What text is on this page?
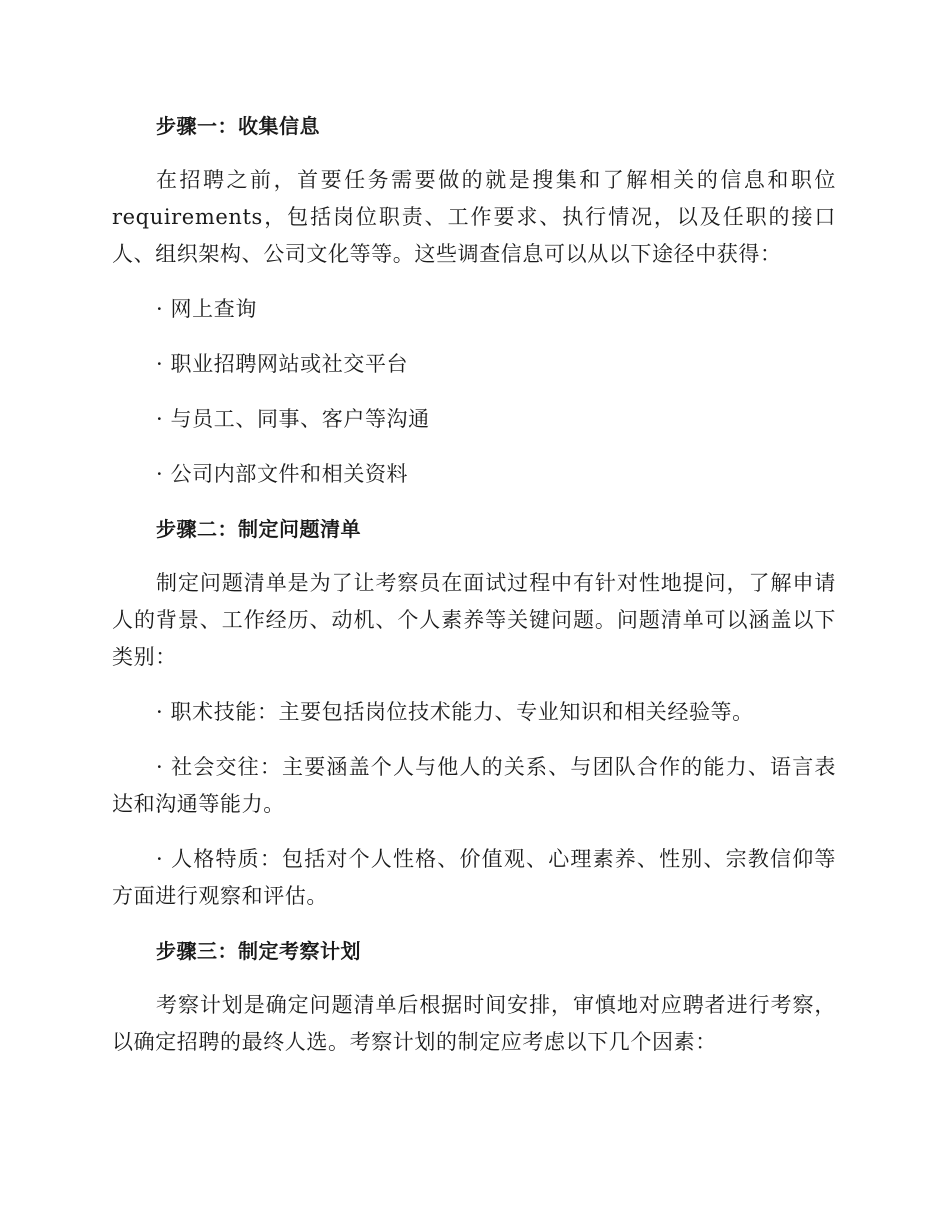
步骤一：收集信息

在招聘之前，首要任务需要做的就是搜集和了解相关的信息和职位requirements，包括岗位职责、工作要求、执行情况，以及任职的接口人、组织架构、公司文化等等。这些调查信息可以从以下途径中获得：

· 网上查询

· 职业招聘网站或社交平台

· 与员工、同事、客户等沟通

· 公司内部文件和相关资料

步骤二：制定问题清单

制定问题清单是为了让考察员在面试过程中有针对性地提问，了解申请人的背景、工作经历、动机、个人素养等关键问题。问题清单可以涵盖以下类别：

· 职术技能：主要包括岗位技术能力、专业知识和相关经验等。

· 社会交往：主要涵盖个人与他人的关系、与团队合作的能力、语言表达和沟通等能力。

· 人格特质：包括对个人性格、价值观、心理素养、性别、宗教信仰等方面进行观察和评估。

步骤三：制定考察计划

考察计划是确定问题清单后根据时间安排，审慎地对应聘者进行考察，以确定招聘的最终人选。考察计划的制定应考虑以下几个因素：
